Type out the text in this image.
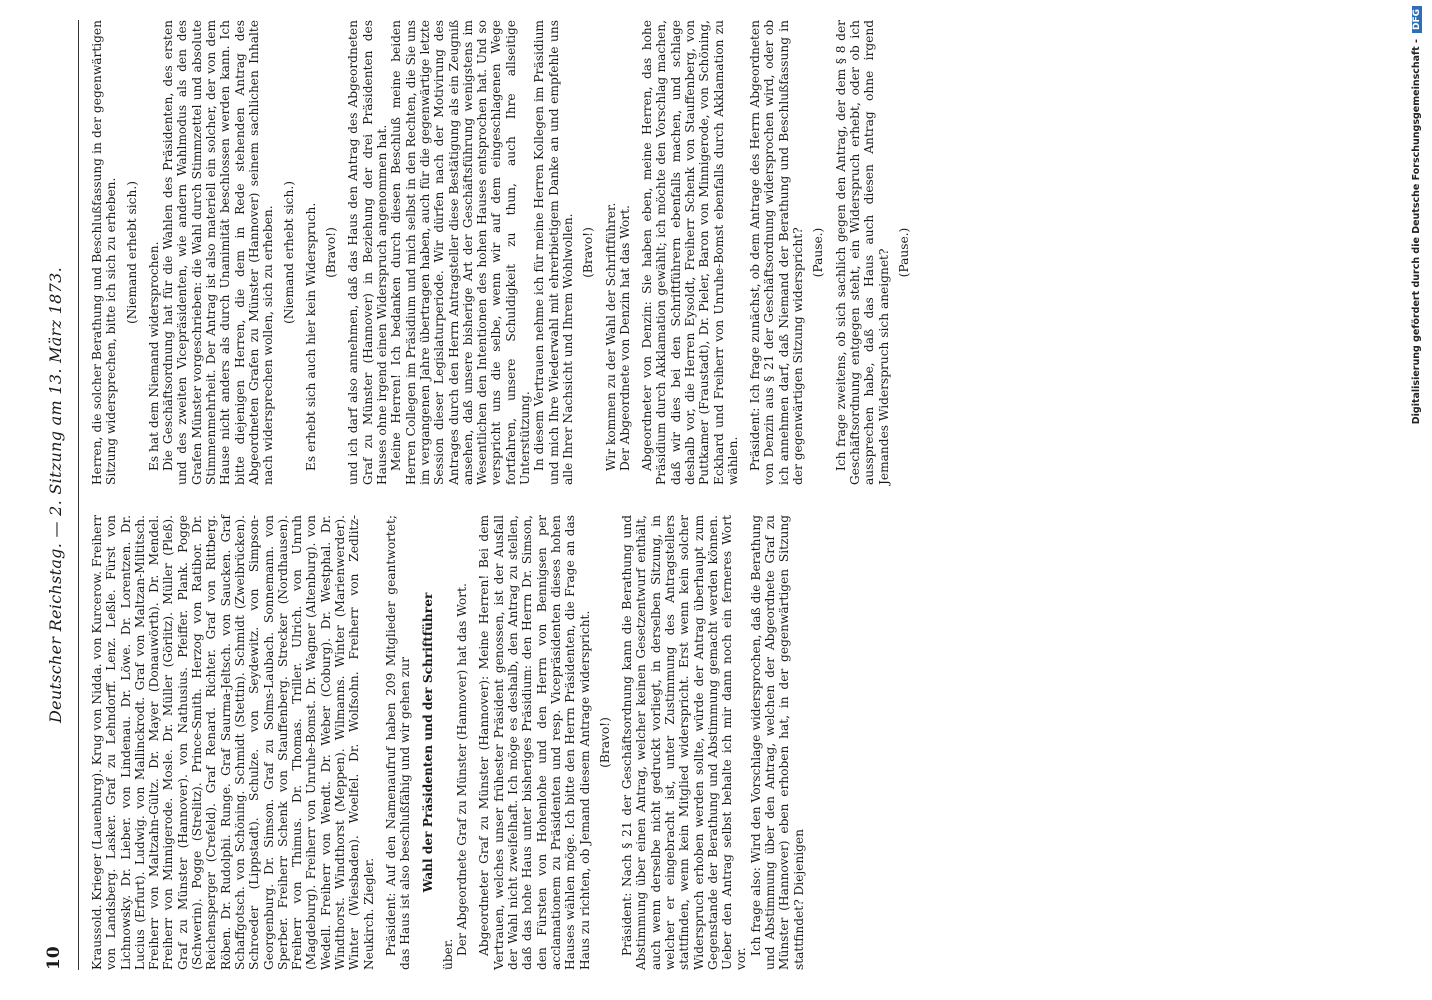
10
Deutscher Reichstag. — 2. Sitzung am 13. März 1873.

Kraussold. Krieger (Lauenburg). Krug von Nidda. von Kurcerow. Freiherr von Landsberg. Lasker. Graf zu Lehndorff. Lenz. Leßle. Fürst von Lichnowsky. Dr. Lieber. von Lindenau. Dr. Löwe. Dr. Lorentzen. Dr. Lucius (Erfurt). Ludwig. von Mallinckrodt. Graf von Maltzan-Miltitsch. Freiherr von Maltzahn-Gültz. Dr. Mayer (Donauwörth). Dr. Mendel. Freiherr von Minnigerode. Mosle. Dr. Müller (Görlitz). Müller (Pleß). Graf zu Münster (Hannover). von Nathusius. Pfeiffer. Plank. Pogge (Schwerin). Pogge (Strelitz). Prince-Smith. Herzog von Ratibor. Dr. Reichensperger (Crefeld). Graf Renard. Richter. Graf von Rittberg. Röben. Dr. Rudolphi. Runge. Graf Saurma-Jeltsch. von Saucken. Graf Schaffgotsch. von Schöning. Schmidt (Stettin). Schmidt (Zweibrücken). Schroeder (Lippstadt). Schulze. von Seydewitz. von Simpson-Georgenburg. Dr. Simson. Graf zu Solms-Laubach. Sonnemann. von Sperber. Freiherr Schenk von Stauffenberg. Strecker (Nordhausen). Freiherr von Thimus. Dr. Thomas. Triller. Ulrich. von Unruh (Magdeburg). Freiherr von Unruhe-Bomst. Dr. Wagner (Altenburg). von Wedell. Freiherr von Wendt. Dr. Weber (Coburg). Dr. Westphal. Dr. Windthorst. Windthorst (Meppen). Wilmanns. Winter (Marienwerder). Winter (Wiesbaden). Woelfel. Dr. Wolfsohn. Freiherr von Zedlitz-Neukirch. Ziegler. Präsident: Auf den Namenaufruf haben 209 Mitglieder geantwortet; das Haus ist also beschlußfähig und wir gehen zur Wahl der Präsidenten und der Schriftführer

über. Der Abgeordnete Graf zu Münster (Hannover) hat das Wort. Abgeordneter Graf zu Münster (Hannover): Meine Herren! Bei dem Vertrauen, welches unser frühester Präsident genossen, ist der Ausfall der Wahl nicht zweifelhaft. Ich möge es deshalb, den Antrag zu stellen, daß das hohe Haus unter bisheriges Präsidium: den Herrn Dr. Simson, den Fürsten von Hohenlohe und den Herrn von Bennigsen per acclamationem zu Präsidenten und resp. Vicepräsidenten dieses hohen Hauses wählen möge. Ich bitte den Herrn Präsidenten, die Frage an das Haus zu richten, ob Jemand diesem Antrage widerspricht. (Bravo!) Präsident: Nach § 21 der Geschäftsordnung kann die Berathung und Abstimmung über einen Antrag, welcher keinen Gesetzentwurf enthält, auch wenn derselbe nicht gedruckt vorliegt, in derselben Sitzung, in welcher er eingebracht ist, unter Zustimmung des Antragstellers stattfinden, wenn kein Mitglied widerspricht. Erst wenn kein solcher Widerspruch erhoben werden sollte, würde der Antrag überhaupt zum Gegenstande der Berathung und Abstimmung gemacht werden können. Ueber den Antrag selbst behalte ich mir dann noch ein ferneres Wort vor.

Ich frage also: Wird den Vorschlage widersprochen, daß die Berathung und Abstimmung über den Antrag, welchen der Abgeordnete Graf zu Münster (Hannover) eben erhoben hat, in der gegenwärtigen Sitzung stattfindet? Diejenigen

Herren, die solcher Berathung und Beschlußfassung in der gegenwärtigen Sitzung widersprechen, bitte ich sich zu erheben. (Niemand erhebt sich.) Es hat dem Niemand widersprochen. Die Geschäftsordnung hat für die Wahlen des Präsidenten, des ersten und des zweiten Vicepräsidenten, wie andern Wahlmodus als den des Grafen Münster vorgeschrieben: die Wahl durch Stimmzettel und absolute Stimmenmehrheit. Der Antrag ist also materiell ein solcher, der von dem Hause nicht anders als durch Unanimität beschlossen werden kann. Ich bitte diejenigen Herren, die dem in Rede stehenden Antrag des Abgeordneten Grafen zu Münster (Hannover) seinem sachlichen Inhalte nach widersprechen wollen, sich zu erheben. (Niemand erhebt sich.) Es erhebt sich auch hier kein Widerspruch. (Bravo!) und ich darf also annehmen, daß das Haus den Antrag des Abgeordneten Graf zu Münster (Hannover) in Beziehung der drei Präsidenten des Hauses ohne irgend einen Widerspruch angenommen hat. Meine Herren! Ich bedanken durch diesen Beschluß meine beiden Herren Collegen im Präsidium und mich selbst in den Rechten, die Sie uns im vergangenen Jahre übertragen haben, auch für die gegenwärtige letzte Session dieser Legislaturperiode. Wir dürfen nach der Motivirung des Antrages durch den Herrn Antragsteller diese Bestätigung als ein Zeugniß ansehen, daß unsere bisherige Art der Geschäftsführung wenigstens im Wesentlichen den Intentionen des hohen Hauses entsprochen hat. Und so verspricht uns die selbe, wenn wir auf dem eingeschlagenen Wege fortfahren, unsere Schuldigkeit zu thun, auch Ihre allseitige Unterstützung. In diesem Vertrauen nehme ich für meine Herren Kollegen im Präsidium und mich Ihre Wiederwahl mit ehrerbietigem Danke an und empfehle uns alle Ihrer Nachsicht und Ihrem Wohlwollen. (Bravo!) Wir kommen zu der Wahl der Schriftführer. Der Abgeordnete von Denzin hat das Wort. Abgeordneter von Denzin: Sie haben eben, meine Herren, das hohe Präsidium durch Akklamation gewählt; ich möchte den Vorschlag machen, daß wir dies bei den Schriftführern ebenfalls machen, und schlage deshalb vor, die Herren Eysoldt, Freiherr Schenk von Stauffenberg, von Puttkamer (Fraustadt), Dr. Pieler, Baron von Minnigerode, von Schöning, Eckhard und Freiherr von Unruhe-Bomst ebenfalls durch Akklamation zu wählen. Präsident: Ich frage zunächst, ob dem Antrage des Herrn Abgeordneten von Denzin aus § 21 der Geschäftsordnung widersprochen wird, oder ob ich annehmen darf, daß Niemand der Berathung und Beschlußfassung in der gegenwärtigen Sitzung widerspricht? (Pause.) Ich frage zweitens, ob sich sachlich gegen den Antrag, der dem § 8 der Geschäftsordnung entgegen steht, ein Widerspruch erhebt, oder ob ich aussprechen habe, daß das Haus auch diesen Antrag ohne irgend Jemandes Widerspruch sich aneignet? (Pause.)	Digitalisierung gefördert durch die Deutsche Forschungsgemeinschaft -DFG
